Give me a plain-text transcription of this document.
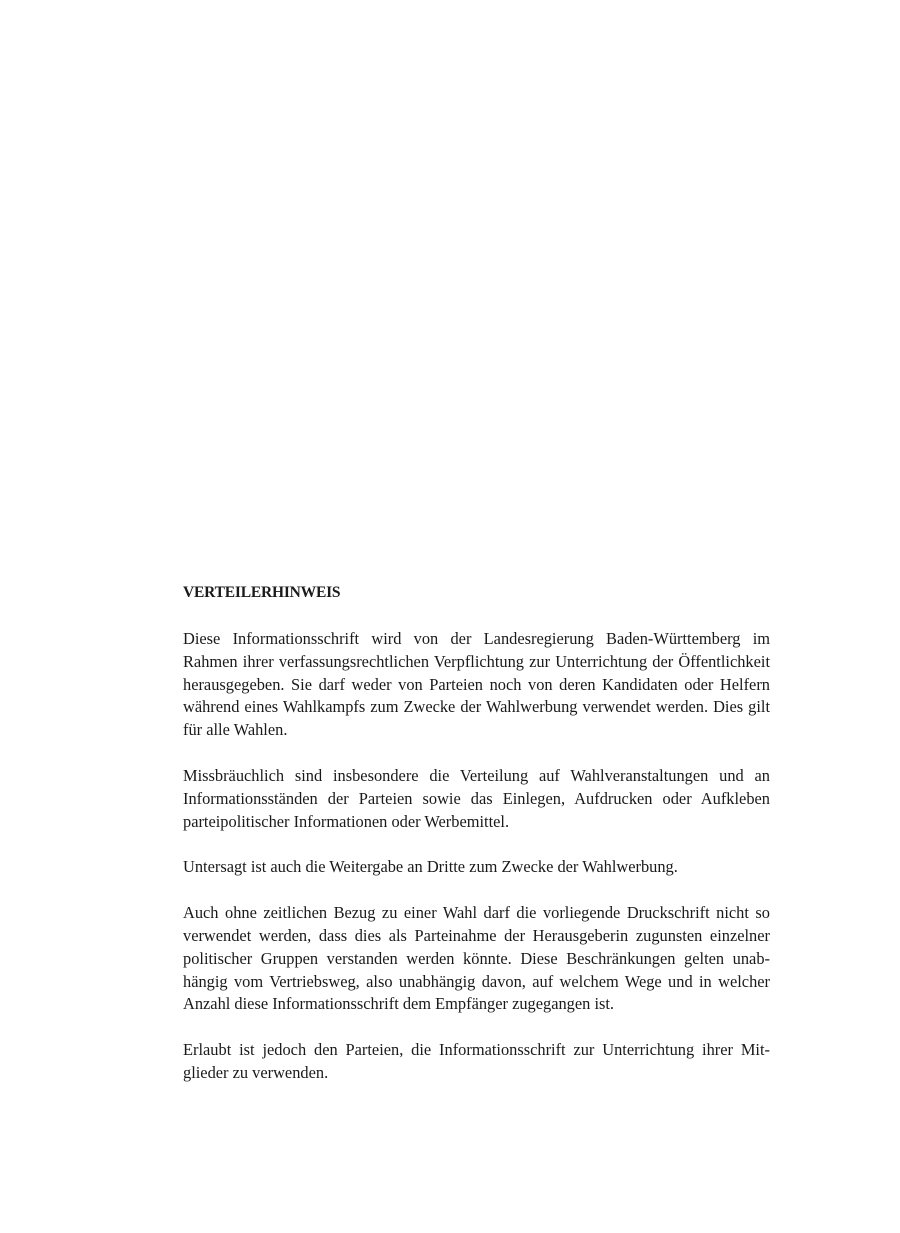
VERTEILERHINWEIS

Diese Informationsschrift wird von der Landesregierung Baden-Württemberg im Rahmen ihrer verfassungsrechtlichen Verpflichtung zur Unterrichtung der Öffentlichkeit herausgegeben. Sie darf weder von Parteien noch von deren Kandidaten oder Helfern während eines Wahlkampfs zum Zwecke der Wahlwerbung verwendet werden. Dies gilt für alle Wahlen.

Missbräuchlich sind insbesondere die Verteilung auf Wahlveranstaltungen und an Informationsständen der Parteien sowie das Einlegen, Aufdrucken oder Aufkleben parteipolitischer Informationen oder Werbemittel.

Untersagt ist auch die Weitergabe an Dritte zum Zwecke der Wahlwerbung.

Auch ohne zeitlichen Bezug zu einer Wahl darf die vorliegende Druckschrift nicht so verwendet werden, dass dies als Parteinahme der Herausgeberin zugunsten einzelner politischer Gruppen verstanden werden könnte. Diese Beschränkungen gelten unabhängig vom Vertriebsweg, also unabhängig davon, auf welchem Wege und in welcher Anzahl diese Informationsschrift dem Empfänger zugegangen ist.

Erlaubt ist jedoch den Parteien, die Informationsschrift zur Unterrichtung ihrer Mitglieder zu verwenden.
